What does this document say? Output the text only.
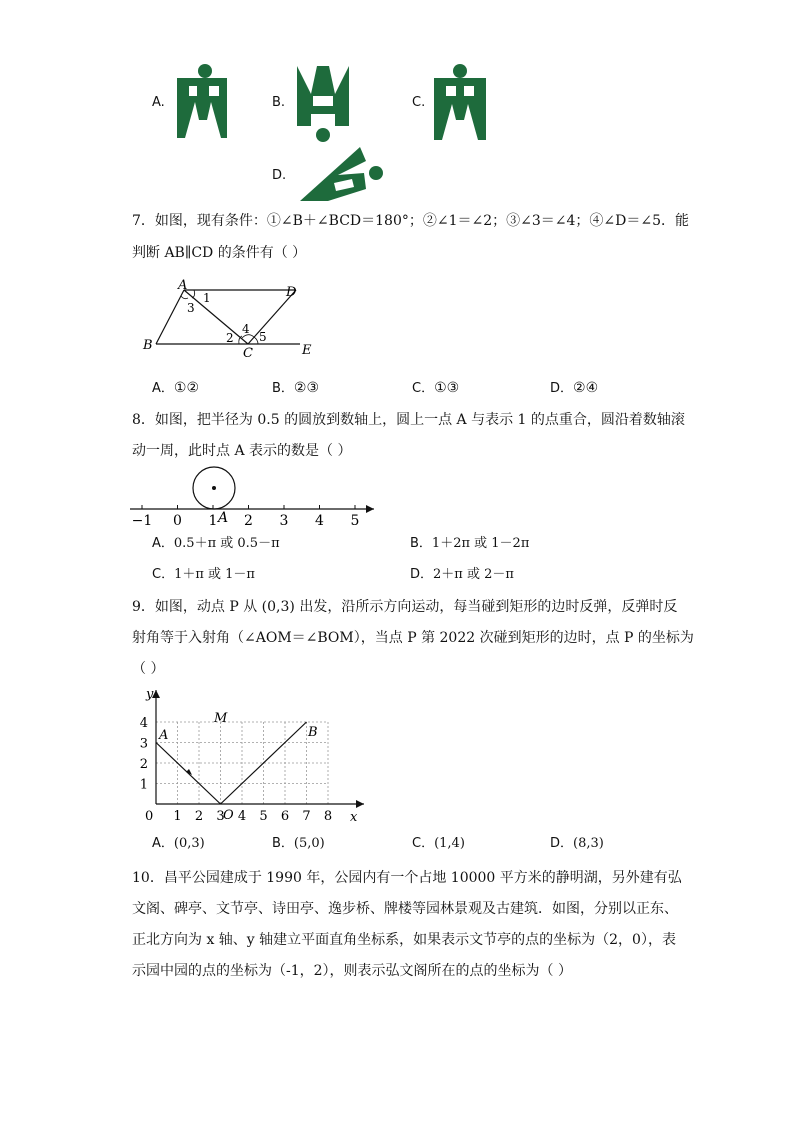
A.	B.	C.
D.
7．如图，现有条件：①∠B＋∠BCD＝180°；②∠1＝∠2；③∠3＝∠4；④∠D＝∠5．能
判断 AB∥CD 的条件有（ ）
A	D
B
C	E
1
3
2
4
5
A．①②	B．②③	C．①③	D．②④
8．如图，把半径为 0.5 的圆放到数轴上，圆上一点 A 与表示 1 的点重合，圆沿着数轴滚
动一周，此时点 A 表示的数是（ ）
−1 0 1 2 3 4 5
A
A．0.5＋π 或 0.5－π	B．1＋2π 或 1－2π
C．1＋π 或 1－π	D．2＋π 或 2－π
9．如图，动点 P 从 (0,3) 出发，沿所示方向运动，每当碰到矩形的边时反弹，反弹时反
射角等于入射角（∠AOM＝∠BOM），当点 P 第 2022 次碰到矩形的边时，点 P 的坐标为
（ ）
y
x
0
A	B
M
O
1 2 3 4 5 6 7 8
1
2
3
4
A．(0,3)	B．(5,0)	C．(1,4)	D．(8,3)
10．昌平公园建成于 1990 年，公园内有一个占地 10000 平方米的静明湖，另外建有弘
文阁、碑亭、文节亭、诗田亭、逸步桥、牌楼等园林景观及古建筑．如图，分别以正东、
正北方向为 x 轴、y 轴建立平面直角坐标系，如果表示文节亭的点的坐标为（2，0），表
示园中园的点的坐标为（-1，2），则表示弘文阁所在的点的坐标为（ ）
